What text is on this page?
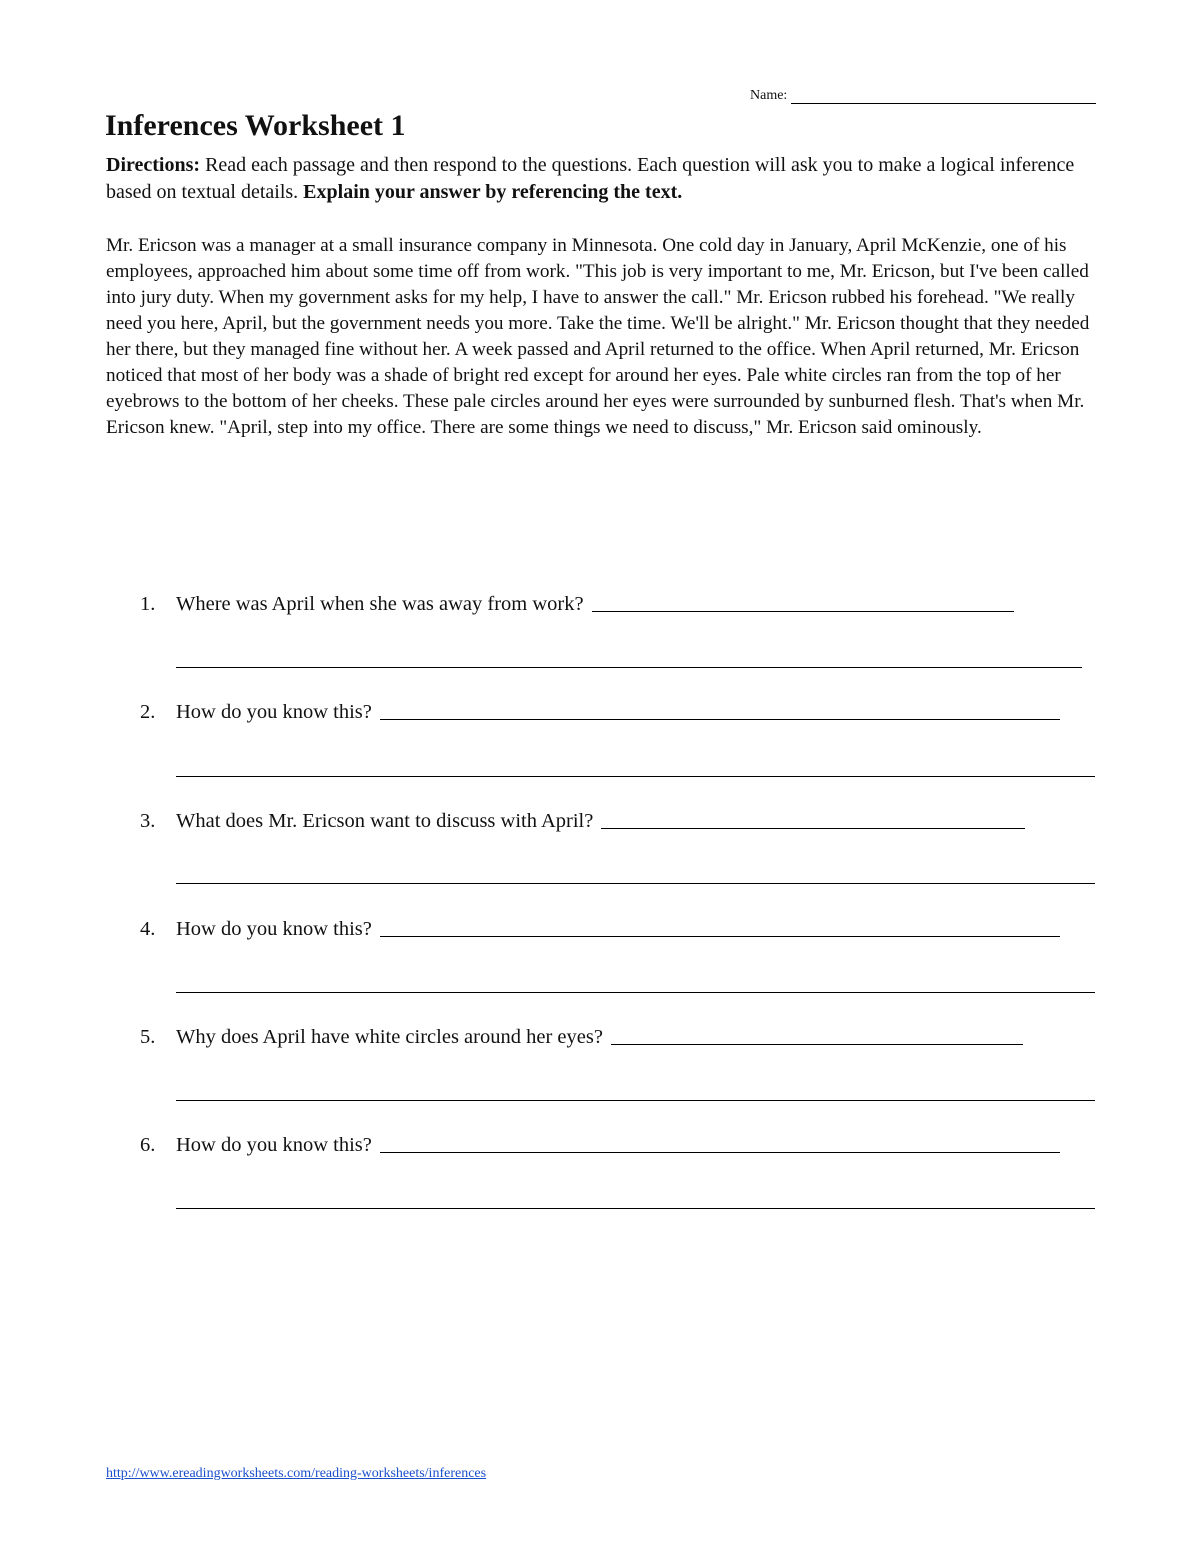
Name:
Inferences Worksheet 1

Directions: Read each passage and then respond to the questions. Each question will ask you to make a logical inference based on textual details. Explain your answer by referencing the text.

Mr. Ericson was a manager at a small insurance company in Minnesota. One cold day in January, April McKenzie, one of his employees, approached him about some time off from work. "This job is very important to me, Mr. Ericson, but I've been called into jury duty. When my government asks for my help, I have to answer the call." Mr. Ericson rubbed his forehead. "We really need you here, April, but the government needs you more. Take the time. We'll be alright." Mr. Ericson thought that they needed her there, but they managed fine without her. A week passed and April returned to the office. When April returned, Mr. Ericson noticed that most of her body was a shade of bright red except for around her eyes. Pale white circles ran from the top of her eyebrows to the bottom of her cheeks. These pale circles around her eyes were surrounded by sunburned flesh. That's when Mr. Ericson knew. "April, step into my office. There are some things we need to discuss," Mr. Ericson said ominously.

1.	Where was April when she was away from work?
2.	How do you know this?
3.	What does Mr. Ericson want to discuss with April?
4.	How do you know this?
5.	Why does April have white circles around her eyes?
6.	How do you know this?
http://www.ereadingworksheets.com/reading-worksheets/inferences
